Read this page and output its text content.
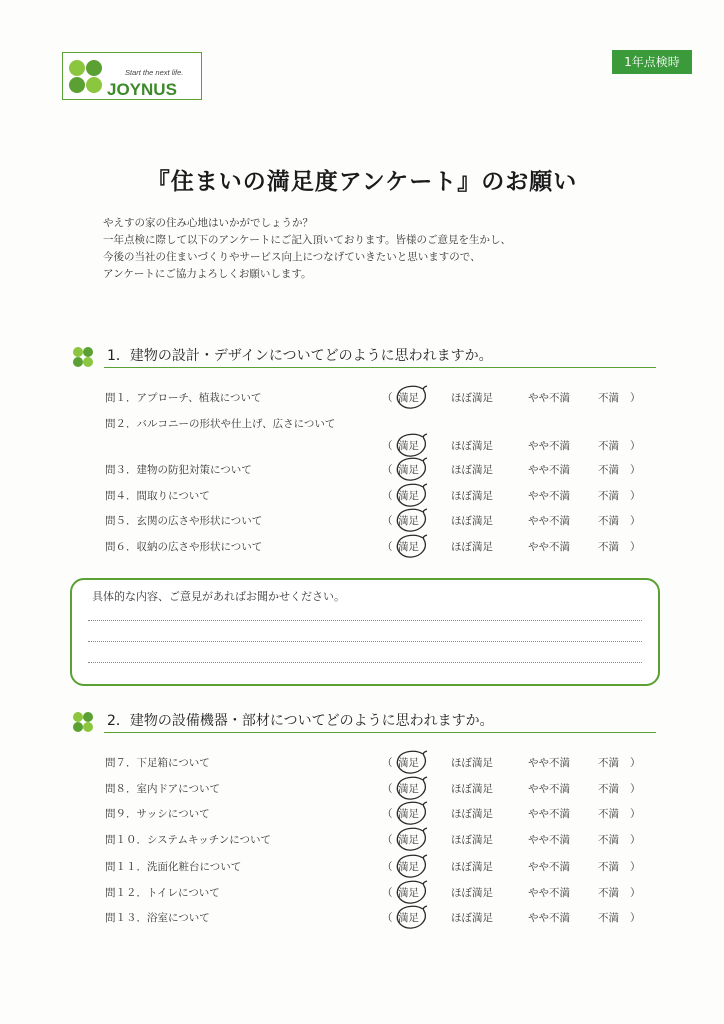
Start the next life.
JOYNUS
1年点検時
『住まいの満足度アンケート』のお願い
やえすの家の住み心地はいかがでしょうか？
一年点検に際して以下のアンケートにご記入頂いております。皆様のご意見を生かし、
今後の当社の住まいづくりやサービス向上につなげていきたいと思いますので、
アンケートにご協力よろしくお願いします。
1．建物の設計・デザインについてどのように思われますか。
問１．アプローチ、植栽について	（ 満足	ほぼ満足	やや不満	不満 ）
問２．バルコニーの形状や仕上げ、広さについて
（ 満足	ほぼ満足	やや不満	不満 ）
問３．建物の防犯対策について	（ 満足	ほぼ満足	やや不満	不満 ）
問４．間取りについて	（ 満足	ほぼ満足	やや不満	不満 ）
問５．玄関の広さや形状について	（ 満足	ほぼ満足	やや不満	不満 ）
問６．収納の広さや形状について	（ 満足	ほぼ満足	やや不満	不満 ）
具体的な内容、ご意見があればお聞かせください。
2．建物の設備機器・部材についてどのように思われますか。
問７．下足箱について	（ 満足	ほぼ満足	やや不満	不満 ）
問８．室内ドアについて	（ 満足	ほぼ満足	やや不満	不満 ）
問９．サッシについて	（ 満足	ほぼ満足	やや不満	不満 ）
問１０．システムキッチンについて	（ 満足	ほぼ満足	やや不満	不満 ）
問１１．洗面化粧台について	（ 満足	ほぼ満足	やや不満	不満 ）
問１２．トイレについて	（ 満足	ほぼ満足	やや不満	不満 ）
問１３．浴室について	（ 満足	ほぼ満足	やや不満	不満 ）
